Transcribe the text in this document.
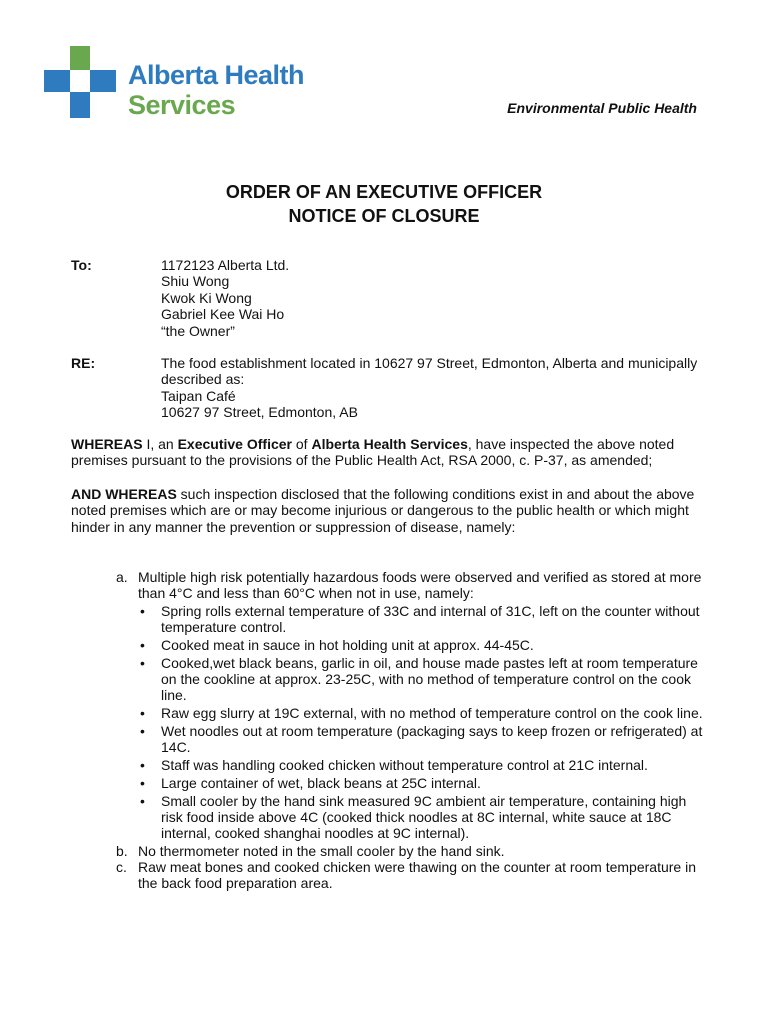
Alberta Health
Services	Environmental Public Health
ORDER OF AN EXECUTIVE OFFICER
NOTICE OF CLOSURE
To:	1172123 Alberta Ltd.
Shiu Wong
Kwok Ki Wong
Gabriel Kee Wai Ho
“the Owner”
RE:	The food establishment located in 10627 97 Street, Edmonton, Alberta and municipally
described as:
Taipan Café
10627 97 Street, Edmonton, AB
WHEREAS I, an Executive Officer of Alberta Health Services, have inspected the above noted premises pursuant to the provisions of the Public Health Act, RSA 2000, c. P-37, as amended;
AND WHEREAS such inspection disclosed that the following conditions exist in and about the above noted premises which are or may become injurious or dangerous to the public health or which might hinder in any manner the prevention or suppression of disease, namely:
a. Multiple high risk potentially hazardous foods were observed and verified as stored at more than 4°C and less than 60°C when not in use, namely:
• Spring rolls external temperature of 33C and internal of 31C, left on the counter without temperature control.
• Cooked meat in sauce in hot holding unit at approx. 44-45C.
• Cooked,wet black beans, garlic in oil, and house made pastes left at room temperature on the cookline at approx. 23-25C, with no method of temperature control on the cook line.
• Raw egg slurry at 19C external, with no method of temperature control on the cook line.
• Wet noodles out at room temperature (packaging says to keep frozen or refrigerated) at 14C.
• Staff was handling cooked chicken without temperature control at 21C internal.
• Large container of wet, black beans at 25C internal.
• Small cooler by the hand sink measured 9C ambient air temperature, containing high risk food inside above 4C (cooked thick noodles at 8C internal, white sauce at 18C internal, cooked shanghai noodles at 9C internal).
b. No thermometer noted in the small cooler by the hand sink.
c. Raw meat bones and cooked chicken were thawing on the counter at room temperature in the back food preparation area.
